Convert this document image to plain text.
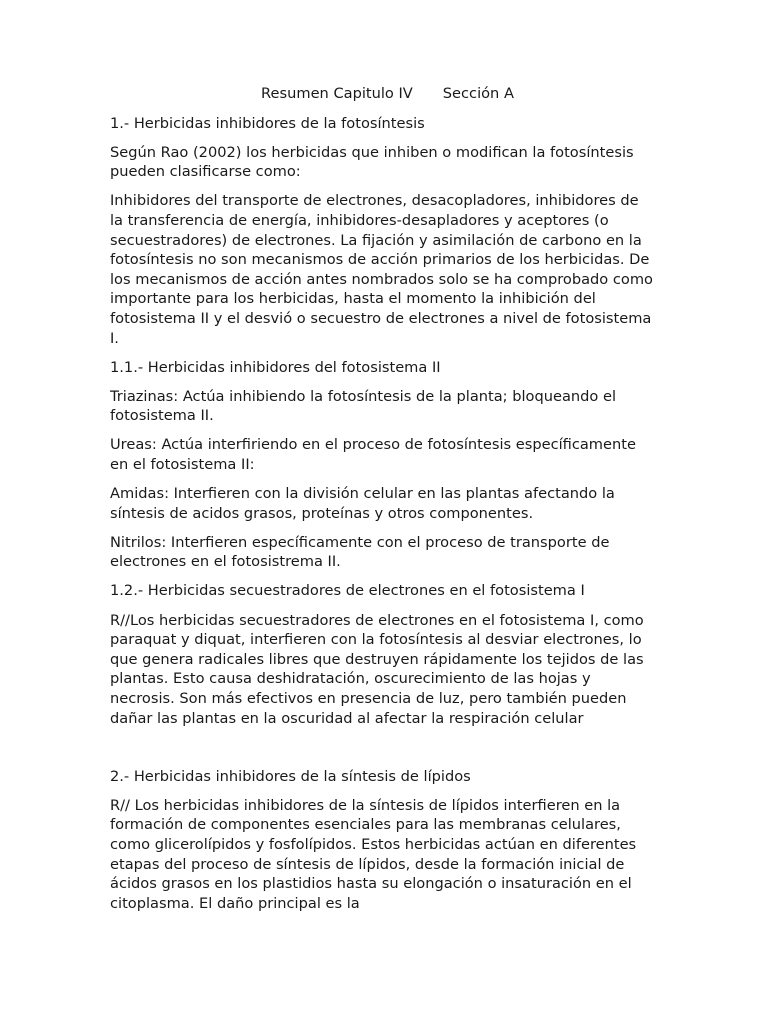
Resumen Capitulo IV Sección A

1.- Herbicidas inhibidores de la fotosíntesis

Según Rao (2002) los herbicidas que inhiben o modifican la fotosíntesis pueden clasificarse como:

Inhibidores del transporte de electrones, desacopladores, inhibidores de la transferencia de energía, inhibidores-desapladores y aceptores (o secuestradores) de electrones. La fijación y asimilación de carbono en la fotosíntesis no son mecanismos de acción primarios de los herbicidas. De los mecanismos de acción antes nombrados solo se ha comprobado como importante para los herbicidas, hasta el momento la inhibición del fotosistema II y el desvió o secuestro de electrones a nivel de fotosistema I.

1.1.- Herbicidas inhibidores del fotosistema II

Triazinas: Actúa inhibiendo la fotosíntesis de la planta; bloqueando el fotosistema II.

Ureas: Actúa interfiriendo en el proceso de fotosíntesis específicamente en el fotosistema II:

Amidas: Interfieren con la división celular en las plantas afectando la síntesis de acidos grasos, proteínas y otros componentes.

Nitrilos: Interfieren específicamente con el proceso de transporte de electrones en el fotosistrema II.

1.2.- Herbicidas secuestradores de electrones en el fotosistema I

R//Los herbicidas secuestradores de electrones en el fotosistema I, como paraquat y diquat, interfieren con la fotosíntesis al desviar electrones, lo que genera radicales libres que destruyen rápidamente los tejidos de las plantas. Esto causa deshidratación, oscurecimiento de las hojas y necrosis. Son más efectivos en presencia de luz, pero también pueden dañar las plantas en la oscuridad al afectar la respiración celular

2.- Herbicidas inhibidores de la síntesis de lípidos

R// Los herbicidas inhibidores de la síntesis de lípidos interfieren en la formación de componentes esenciales para las membranas celulares, como glicerolípidos y fosfolípidos. Estos herbicidas actúan en diferentes etapas del proceso de síntesis de lípidos, desde la formación inicial de ácidos grasos en los plastidios hasta su elongación o insaturación en el citoplasma. El daño principal es la
